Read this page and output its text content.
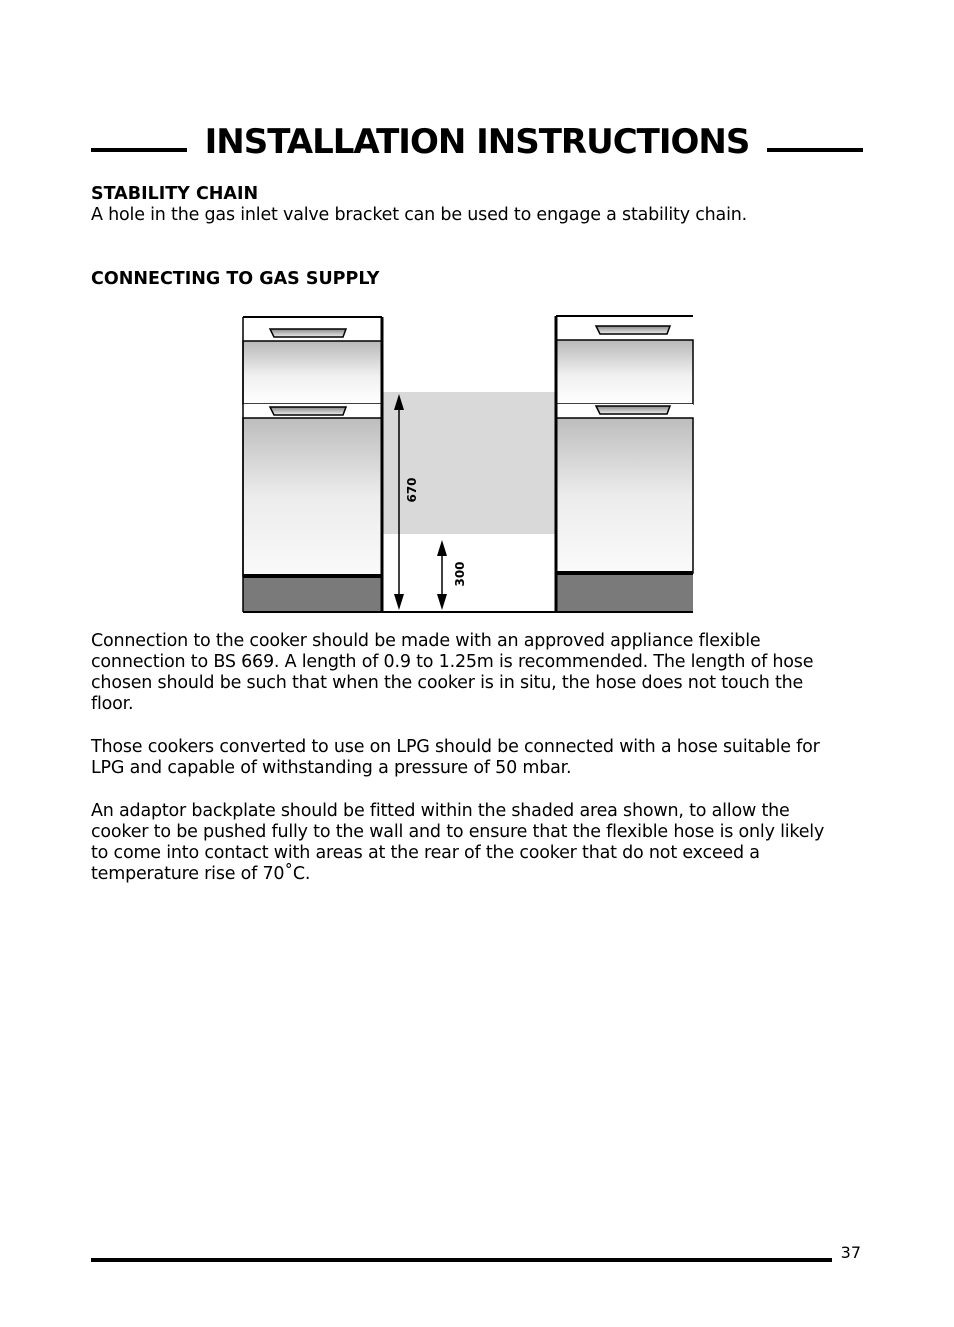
INSTALLATION INSTRUCTIONS
STABILITY CHAIN
A hole in the gas inlet valve bracket can be used to engage a stability chain.
CONNECTING TO GAS SUPPLY
670
300
Connection to the cooker should be made with an approved appliance flexible
connection to BS 669. A length of 0.9 to 1.25m is recommended. The length of hose
chosen should be such that when the cooker is in situ, the hose does not touch the
floor.
Those cookers converted to use on LPG should be connected with a hose suitable for
LPG and capable of withstanding a pressure of 50 mbar.
An adaptor backplate should be fitted within the shaded area shown, to allow the
cooker to be pushed fully to the wall and to ensure that the flexible hose is only likely
to come into contact with areas at the rear of the cooker that do not exceed a
temperature rise of 70˚C.
37
